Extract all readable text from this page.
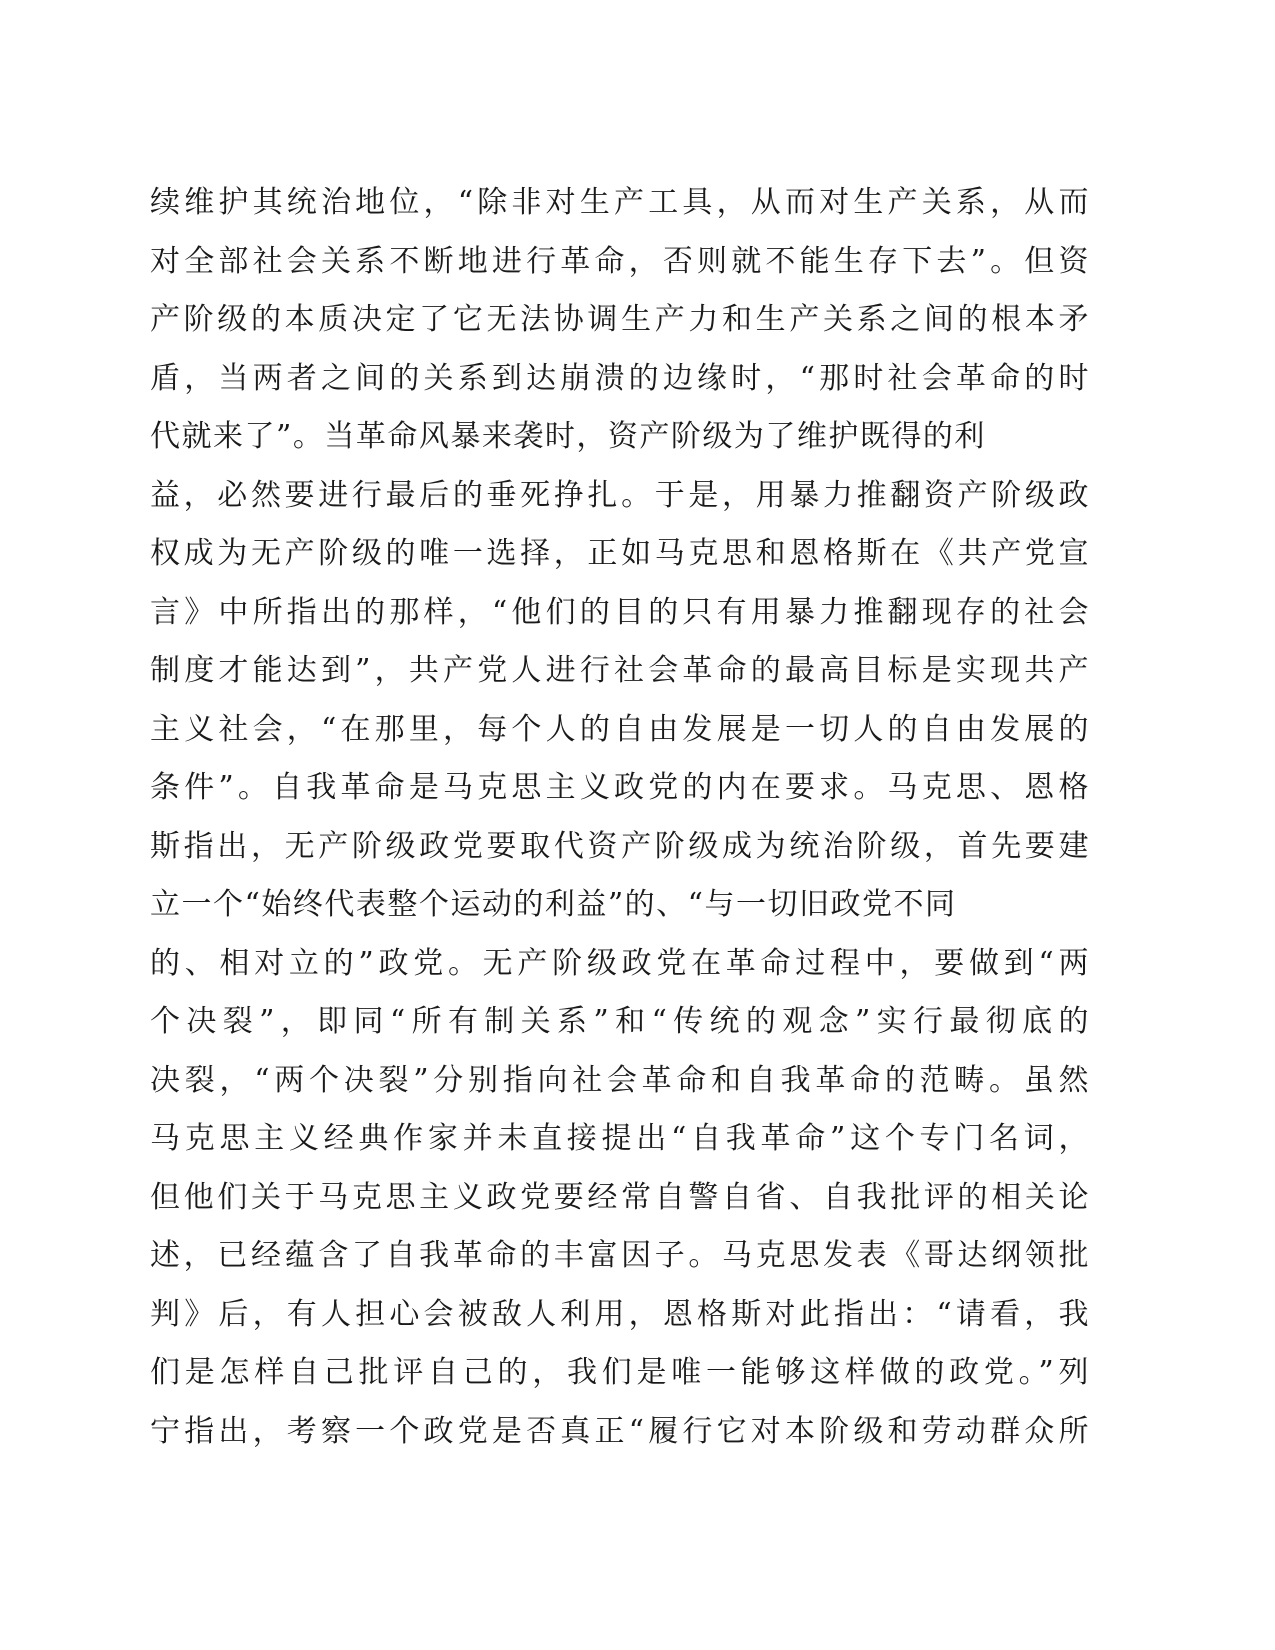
续维护其统治地位，“除非对生产工具，从而对生产关系，从而
对全部社会关系不断地进行革命，否则就不能生存下去”。但资
产阶级的本质决定了它无法协调生产力和生产关系之间的根本矛
盾，当两者之间的关系到达崩溃的边缘时，“那时社会革命的时
代就来了”。当革命风暴来袭时，资产阶级为了维护既得的利
益，必然要进行最后的垂死挣扎。于是，用暴力推翻资产阶级政
权成为无产阶级的唯一选择，正如马克思和恩格斯在《共产党宣
言》中所指出的那样，“他们的目的只有用暴力推翻现存的社会
制度才能达到”，共产党人进行社会革命的最高目标是实现共产
主义社会，“在那里，每个人的自由发展是一切人的自由发展的
条件”。自我革命是马克思主义政党的内在要求。马克思、恩格
斯指出，无产阶级政党要取代资产阶级成为统治阶级，首先要建
立一个“始终代表整个运动的利益”的、“与一切旧政党不同
的、相对立的”政党。无产阶级政党在革命过程中，要做到“两
个决裂”，即同“所有制关系”和“传统的观念”实行最彻底的
决裂，“两个决裂”分别指向社会革命和自我革命的范畴。虽然
马克思主义经典作家并未直接提出“自我革命”这个专门名词，
但他们关于马克思主义政党要经常自警自省、自我批评的相关论
述，已经蕴含了自我革命的丰富因子。马克思发表《哥达纲领批
判》后，有人担心会被敌人利用，恩格斯对此指出：“请看，我
们是怎样自己批评自己的，我们是唯一能够这样做的政党。”列
宁指出，考察一个政党是否真正“履行它对本阶级和劳动群众所
